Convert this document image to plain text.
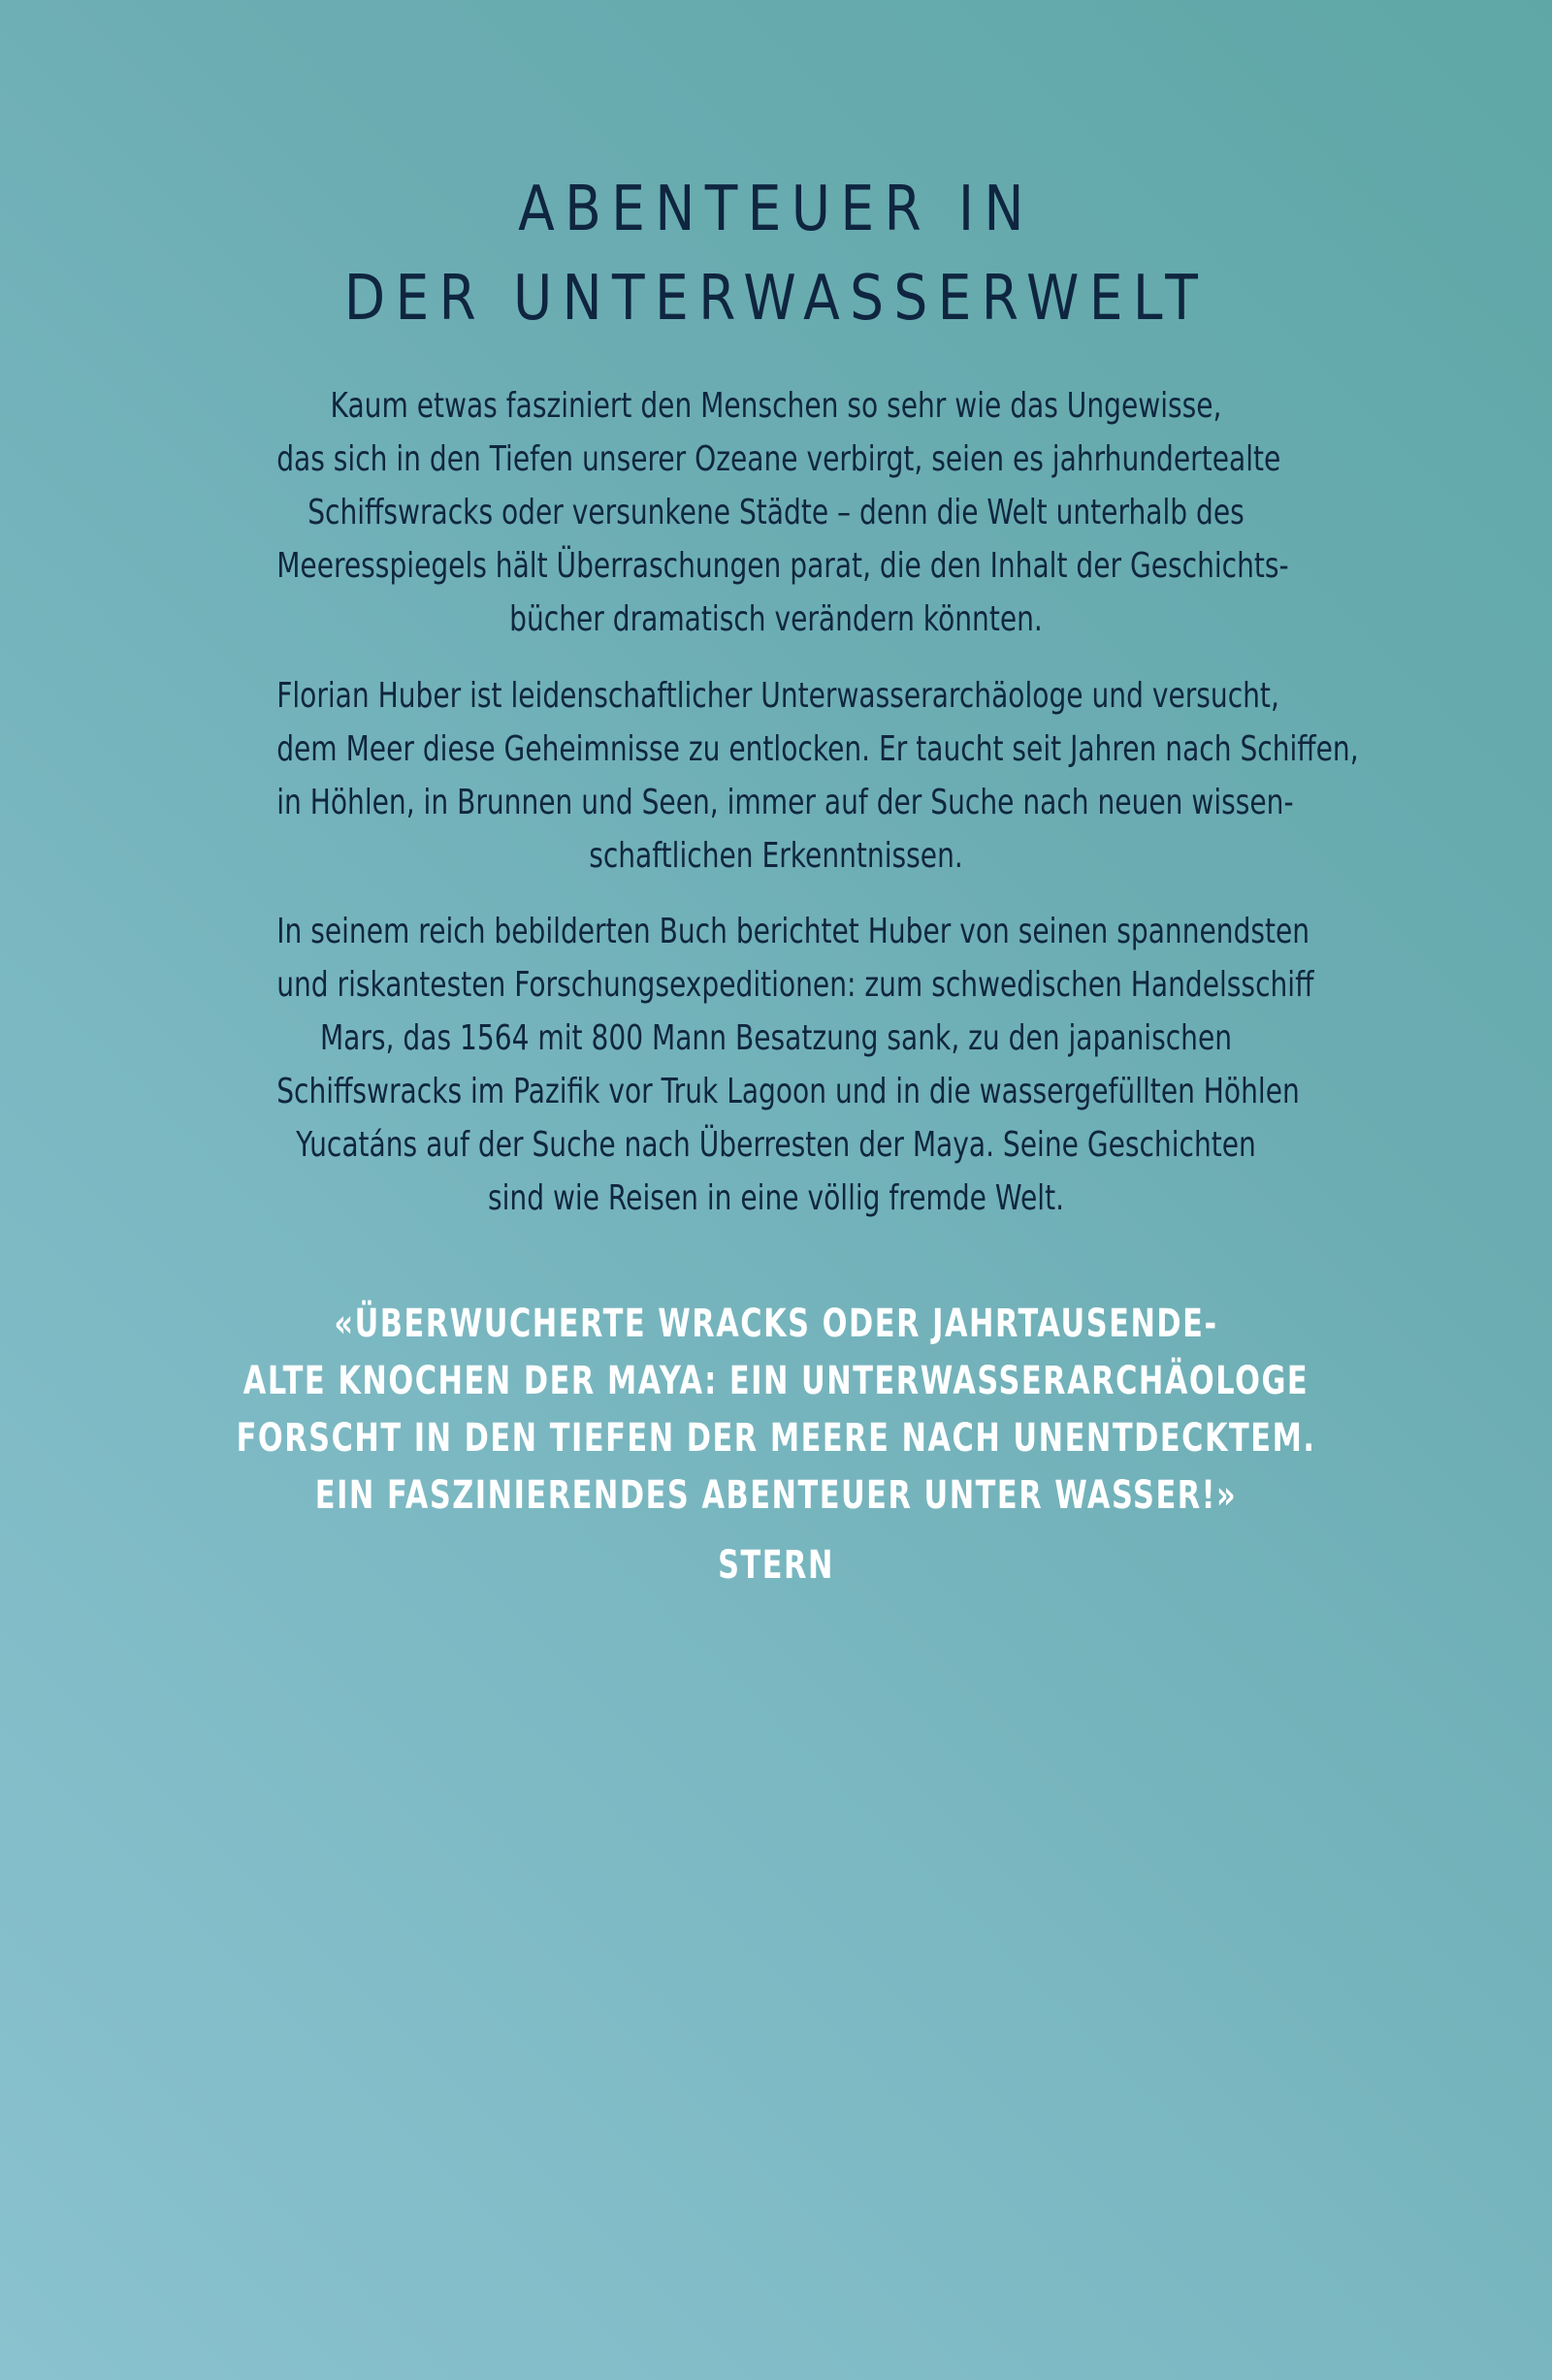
ABENTEUER IN
DER UNTERWASSERWELT
Kaum etwas fasziniert den Menschen so sehr wie das Ungewisse,
das sich in den Tiefen unserer Ozeane verbirgt, seien es jahrhundertealte
Schiffswracks oder versunkene Städte – denn die Welt unterhalb des
Meeresspiegels hält Überraschungen parat, die den Inhalt der Geschichts-
bücher dramatisch verändern könnten.
Florian Huber ist leidenschaftlicher Unterwasserarchäologe und versucht,
dem Meer diese Geheimnisse zu entlocken. Er taucht seit Jahren nach Schiffen,
in Höhlen, in Brunnen und Seen, immer auf der Suche nach neuen wissen-
schaftlichen Erkenntnissen.
In seinem reich bebilderten Buch berichtet Huber von seinen spannendsten
und riskantesten Forschungsexpeditionen: zum schwedischen Handelsschiff
Mars, das 1564 mit 800 Mann Besatzung sank, zu den japanischen
Schiffswracks im Pazifik vor Truk Lagoon und in die wassergefüllten Höhlen
Yucatáns auf der Suche nach Überresten der Maya. Seine Geschichten
sind wie Reisen in eine völlig fremde Welt.
«ÜBERWUCHERTE WRACKS ODER JAHRTAUSENDE-
ALTE KNOCHEN DER MAYA: EIN UNTERWASSERARCHÄOLOGE
FORSCHT IN DEN TIEFEN DER MEERE NACH UNENTDECKTEM.
EIN FASZINIERENDES ABENTEUER UNTER WASSER!»
STERN
